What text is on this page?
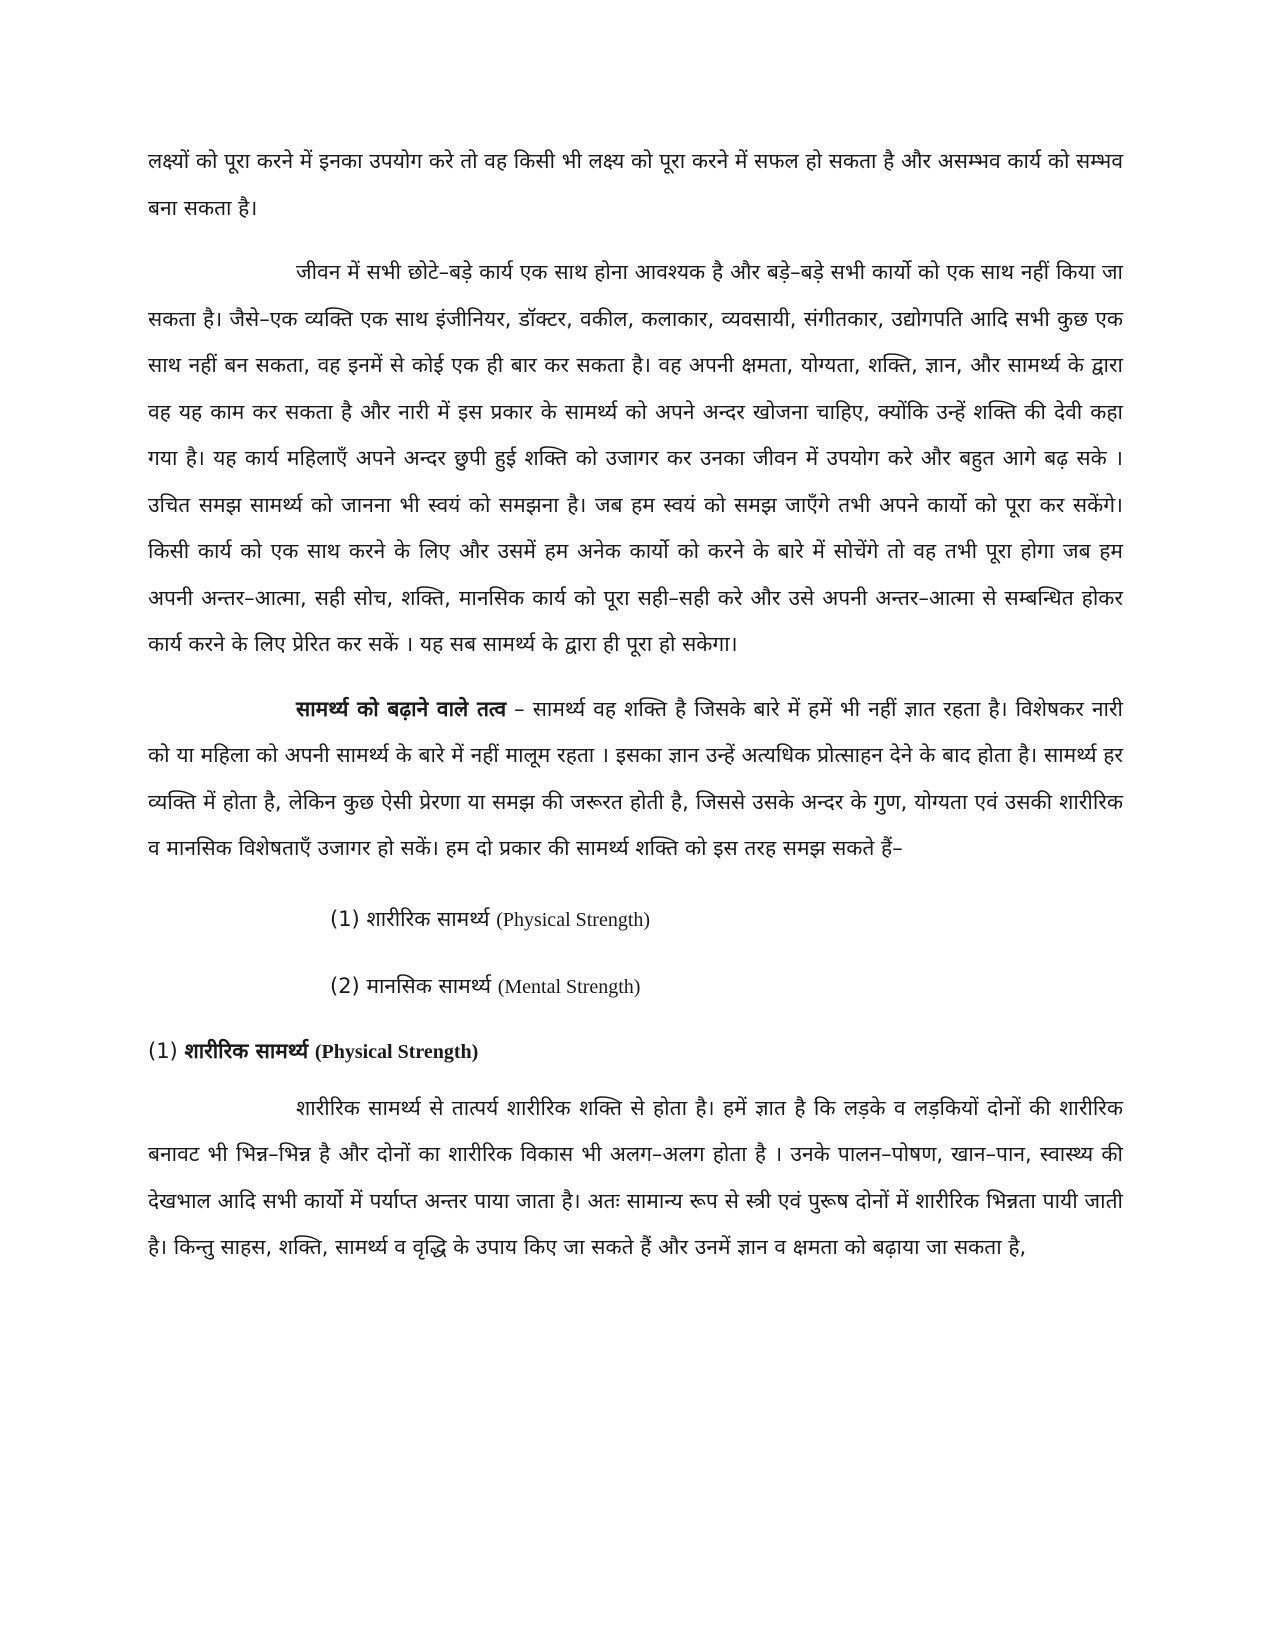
लक्ष्यों को पूरा करने में इनका उपयोग करे तो वह किसी भी लक्ष्य को पूरा करने में सफल हो सकता है और असम्भव कार्य को सम्भव बना सकता है।

जीवन में सभी छोटे–बड़े कार्य एक साथ होना आवश्यक है और बड़े–बड़े सभी कार्यो को एक साथ नहीं किया जा सकता है। जैसे–एक व्यक्ति एक साथ इंजीनियर, डॉक्टर, वकील, कलाकार, व्यवसायी, संगीतकार, उद्योगपति आदि सभी कुछ एक साथ नहीं बन सकता, वह इनमें से कोई एक ही बार कर सकता है। वह अपनी क्षमता, योग्यता, शक्ति, ज्ञान, और सामर्थ्य के द्वारा वह यह काम कर सकता है और नारी में इस प्रकार के सामर्थ्य को अपने अन्दर खोजना चाहिए, क्योंकि उन्हें शक्ति की देवी कहा गया है। यह कार्य महिलाएँ अपने अन्दर छुपी हुई शक्ति को उजागर कर उनका जीवन में उपयोग करे और बहुत आगे बढ़ सके । उचित समझ सामर्थ्य को जानना भी स्वयं को समझना है। जब हम स्वयं को समझ जाएँगे तभी अपने कार्यो को पूरा कर सकेंगे। किसी कार्य को एक साथ करने के लिए और उसमें हम अनेक कार्यो को करने के बारे में सोचेंगे तो वह तभी पूरा होगा जब हम अपनी अन्तर–आत्मा, सही सोच, शक्ति, मानसिक कार्य को पूरा सही–सही करे और उसे अपनी अन्तर–आत्मा से सम्बन्धित होकर कार्य करने के लिए प्रेरित कर सकें । यह सब सामर्थ्य के द्वारा ही पूरा हो सकेगा।

सामर्थ्य को बढ़ाने वाले तत्व – सामर्थ्य वह शक्ति है जिसके बारे में हमें भी नहीं ज्ञात रहता है। विशेषकर नारी को या महिला को अपनी सामर्थ्य के बारे में नहीं मालूम रहता । इसका ज्ञान उन्हें अत्यधिक प्रोत्साहन देने के बाद होता है। सामर्थ्य हर व्यक्ति में होता है, लेकिन कुछ ऐसी प्रेरणा या समझ की जरूरत होती है, जिससे उसके अन्दर के गुण, योग्यता एवं उसकी शारीरिक व मानसिक विशेषताएँ उजागर हो सकें। हम दो प्रकार की सामर्थ्य शक्ति को इस तरह समझ सकते हैं–

(1) शारीरिक सामर्थ्य (Physical Strength)
(2) मानसिक सामर्थ्य (Mental Strength)
(1) शारीरिक सामर्थ्य (Physical Strength)

शारीरिक सामर्थ्य से तात्पर्य शारीरिक शक्ति से होता है। हमें ज्ञात है कि लड़के व लड़कियों दोनों की शारीरिक बनावट भी भिन्न–भिन्न है और दोनों का शारीरिक विकास भी अलग–अलग होता है । उनके पालन–पोषण, खान–पान, स्वास्थ्य की देखभाल आदि सभी कार्यो में पर्याप्त अन्तर पाया जाता है। अतः सामान्य रूप से स्त्री एवं पुरूष दोनों में शारीरिक भिन्नता पायी जाती है। किन्तु साहस, शक्ति, सामर्थ्य व वृद्धि के उपाय किए जा सकते हैं और उनमें ज्ञान व क्षमता को बढ़ाया जा सकता है,
